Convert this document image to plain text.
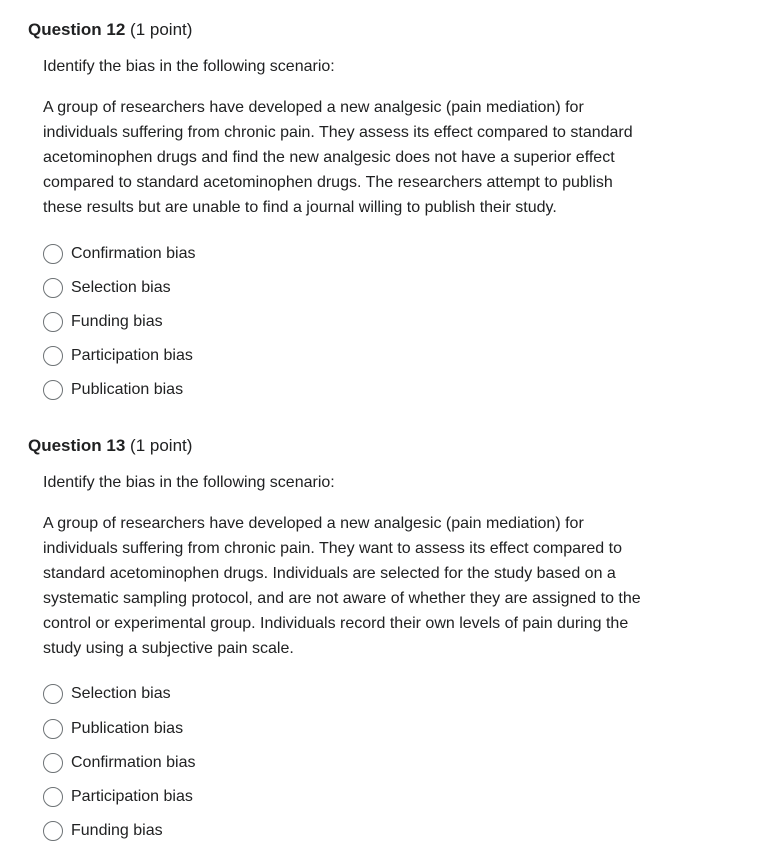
Question 12 (1 point)
Identify the bias in the following scenario:
A group of researchers have developed a new analgesic (pain mediation) for
individuals suffering from chronic pain. They assess its effect compared to standard
acetominophen drugs and find the new analgesic does not have a superior effect
compared to standard acetominophen drugs. The researchers attempt to publish
these results but are unable to find a journal willing to publish their study.
Confirmation bias
Selection bias
Funding bias
Participation bias
Publication bias
Question 13 (1 point)
Identify the bias in the following scenario:
A group of researchers have developed a new analgesic (pain mediation) for
individuals suffering from chronic pain. They want to assess its effect compared to
standard acetominophen drugs. Individuals are selected for the study based on a
systematic sampling protocol, and are not aware of whether they are assigned to the
control or experimental group. Individuals record their own levels of pain during the
study using a subjective pain scale.
Selection bias
Publication bias
Confirmation bias
Participation bias
Funding bias
